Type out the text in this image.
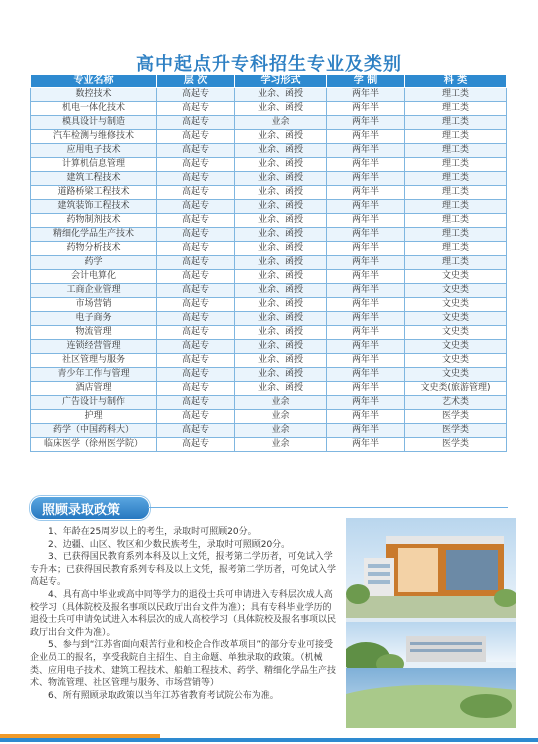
高中起点升专科招生专业及类别
专业名称	层 次	学习形式	学 制	科 类
数控技术	高起专	业余、函授	两年半	理工类
机电一体化技术	高起专	业余、函授	两年半	理工类
模具设计与制造	高起专	业余	两年半	理工类
汽车检测与维修技术	高起专	业余、函授	两年半	理工类
应用电子技术	高起专	业余、函授	两年半	理工类
计算机信息管理	高起专	业余、函授	两年半	理工类
建筑工程技术	高起专	业余、函授	两年半	理工类
道路桥梁工程技术	高起专	业余、函授	两年半	理工类
建筑装饰工程技术	高起专	业余、函授	两年半	理工类
药物制剂技术	高起专	业余、函授	两年半	理工类
精细化学品生产技术	高起专	业余、函授	两年半	理工类
药物分析技术	高起专	业余、函授	两年半	理工类
药学	高起专	业余、函授	两年半	理工类
会计电算化	高起专	业余、函授	两年半	文史类
工商企业管理	高起专	业余、函授	两年半	文史类
市场营销	高起专	业余、函授	两年半	文史类
电子商务	高起专	业余、函授	两年半	文史类
物流管理	高起专	业余、函授	两年半	文史类
连锁经营管理	高起专	业余、函授	两年半	文史类
社区管理与服务	高起专	业余、函授	两年半	文史类
青少年工作与管理	高起专	业余、函授	两年半	文史类
酒店管理	高起专	业余、函授	两年半	文史类(旅游管理)
广告设计与制作	高起专	业余	两年半	艺术类
护理	高起专	业余	两年半	医学类
药学（中国药科大）	高起专	业余	两年半	医学类
临床医学（徐州医学院）	高起专	业余	两年半	医学类
照顾录取政策

1、年龄在25周岁以上的考生，录取时可照顾20分。

2、边疆、山区、牧区和少数民族考生，录取时可照顾20分。

3、已获得国民教育系列本科及以上文凭，报考第二学历者，可免试入学专升本；已获得国民教育系列专科及以上文凭，报考第二学历者，可免试入学高起专。

4、具有高中毕业或高中同等学力的退役士兵可申请进入专科层次成人高校学习（具体院校及报名事项以民政厅出台文件为准）；具有专科毕业学历的退役士兵可申请免试进入本科层次的成人高校学习（具体院校及报名事项以民政厅出台文件为准）。

5、参与到“江苏省面向艰苦行业和校企合作改革项目”的部分专业可接受企业员工的报名，享受我院自主招生、自主命题、单独录取的政策。（机械类、应用电子技术、建筑工程技术、船舶工程技术、药学、精细化学品生产技术、物流管理、社区管理与服务、市场营销等）

6、所有照顾录取政策以当年江苏省教育考试院公布为准。
